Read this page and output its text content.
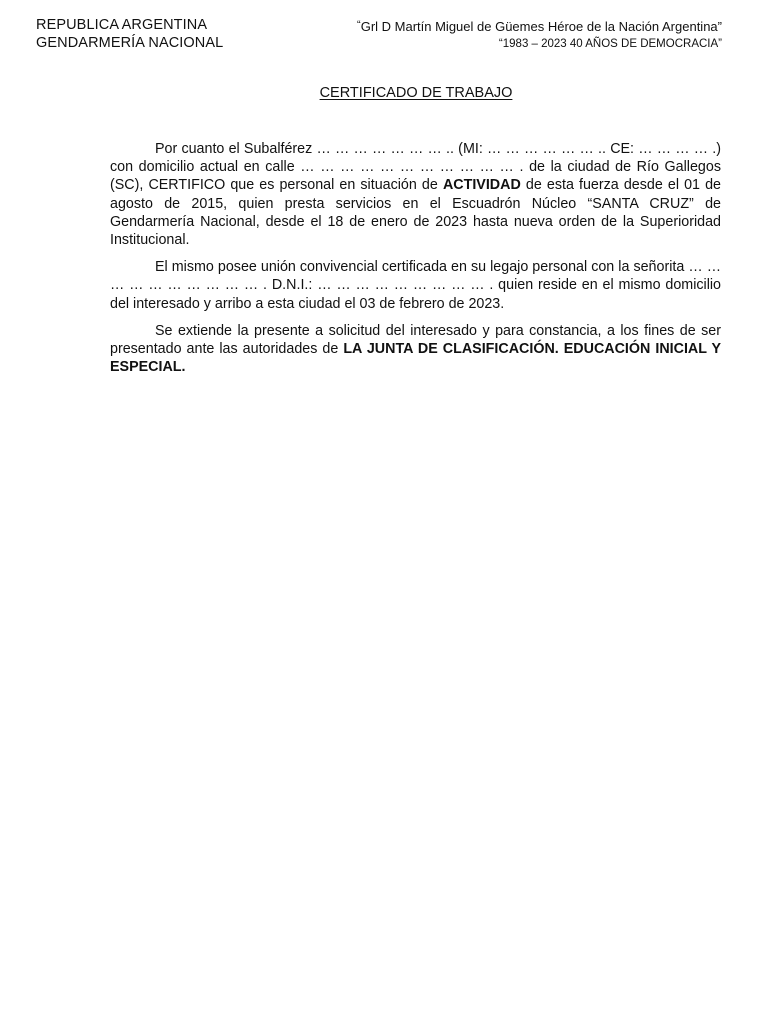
REPUBLICA ARGENTINA
GENDARMERÍA NACIONAL
“Grl D Martín Miguel de Güemes Héroe de la Nación Argentina”
“1983 – 2023 40 AÑOS DE DEMOCRACIA”
CERTIFICADO DE TRABAJO

Por cuanto el Subalférez … … … … … … … .. (MI: … … … … … … .. CE: … … … … .) con domicilio actual en calle … … … … … … … … … … … . de la ciudad de Río Gallegos (SC), CERTIFICO que es personal en situación de ACTIVIDAD de esta fuerza desde el 01 de agosto de 2015, quien presta servicios en el Escuadrón Núcleo “SANTA CRUZ” de Gendarmería Nacional, desde el 18 de enero de 2023 hasta nueva orden de la Superioridad Institucional.

El mismo posee unión convivencial certificada en su legajo personal con la señorita … … … … … … … … … … . D.N.I.: … … … … … … … … … . quien reside en el mismo domicilio del interesado y arribo a esta ciudad el 03 de febrero de 2023.

Se extiende la presente a solicitud del interesado y para constancia, a los fines de ser presentado ante las autoridades de LA JUNTA DE CLASIFICACIÓN. EDUCACIÓN INICIAL Y ESPECIAL.
